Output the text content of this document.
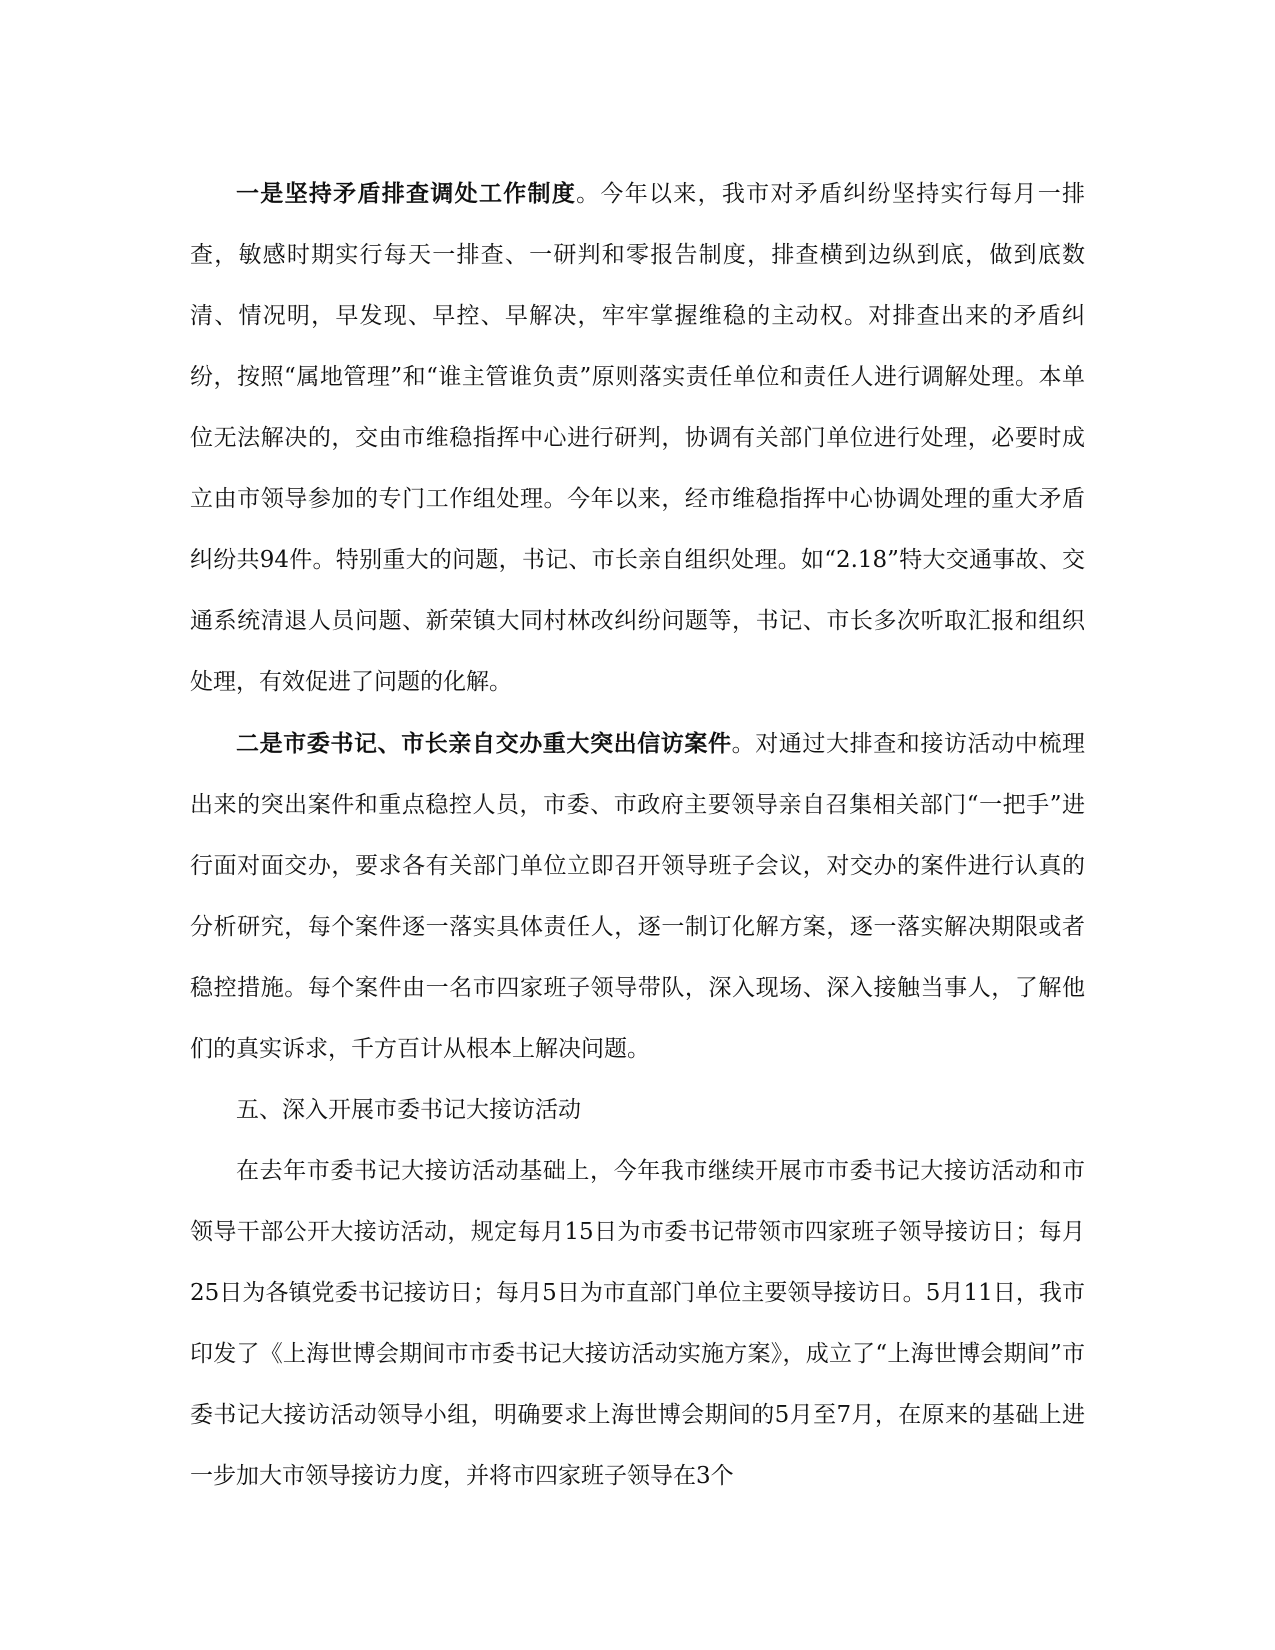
一是坚持矛盾排查调处工作制度。今年以来，我市对矛盾纠纷坚持实行每月一排查，敏感时期实行每天一排查、一研判和零报告制度，排查横到边纵到底，做到底数清、情况明，早发现、早控、早解决，牢牢掌握维稳的主动权。对排查出来的矛盾纠纷，按照“属地管理”和“谁主管谁负责”原则落实责任单位和责任人进行调解处理。本单位无法解决的，交由市维稳指挥中心进行研判，协调有关部门单位进行处理，必要时成立由市领导参加的专门工作组处理。今年以来，经市维稳指挥中心协调处理的重大矛盾纠纷共94件。特别重大的问题，书记、市长亲自组织处理。如“2.18”特大交通事故、交通系统清退人员问题、新荣镇大同村林改纠纷问题等，书记、市长多次听取汇报和组织处理，有效促进了问题的化解。

二是市委书记、市长亲自交办重大突出信访案件。对通过大排查和接访活动中梳理出来的突出案件和重点稳控人员，市委、市政府主要领导亲自召集相关部门“一把手”进行面对面交办，要求各有关部门单位立即召开领导班子会议，对交办的案件进行认真的分析研究，每个案件逐一落实具体责任人，逐一制订化解方案，逐一落实解决期限或者稳控措施。每个案件由一名市四家班子领导带队，深入现场、深入接触当事人，了解他们的真实诉求，千方百计从根本上解决问题。

五、深入开展市委书记大接访活动

在去年市委书记大接访活动基础上，今年我市继续开展市市委书记大接访活动和市领导干部公开大接访活动，规定每月15日为市委书记带领市四家班子领导接访日；每月25日为各镇党委书记接访日；每月5日为市直部门单位主要领导接访日。5月11日，我市印发了《上海世博会期间市市委书记大接访活动实施方案》，成立了“上海世博会期间”市委书记大接访活动领导小组，明确要求上海世博会期间的5月至7月，在原来的基础上进一步加大市领导接访力度，并将市四家班子领导在3个
